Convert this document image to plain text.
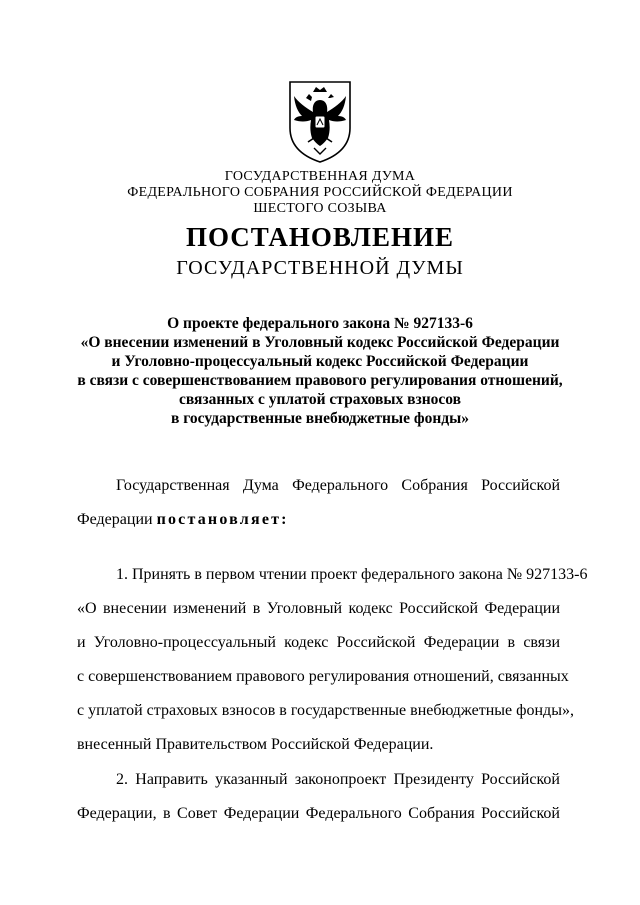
ГОСУДАРСТВЕННАЯ ДУМА
ФЕДЕРАЛЬНОГО СОБРАНИЯ РОССИЙСКОЙ ФЕДЕРАЦИИ
ШЕСТОГО СОЗЫВА
ПОСТАНОВЛЕНИЕ
ГОСУДАРСТВЕННОЙ ДУМЫ
О проекте федерального закона № 927133-6
«О внесении изменений в Уголовный кодекс Российской Федерации
и Уголовно-процессуальный кодекс Российской Федерации
в связи с совершенствованием правового регулирования отношений,
связанных с уплатой страховых взносов
в государственные внебюджетные фонды»
Государственная Дума Федерального Собрания Российской
Федерации постановляет:
1. Принять в первом чтении проект федерального закона № 927133-6
«О внесении изменений в Уголовный кодекс Российской Федерации
и Уголовно-процессуальный кодекс Российской Федерации в связи
с совершенствованием правового регулирования отношений, связанных
с уплатой страховых взносов в государственные внебюджетные фонды»,
внесенный Правительством Российской Федерации.
2. Направить указанный законопроект Президенту Российской
Федерации, в Совет Федерации Федерального Собрания Российской
